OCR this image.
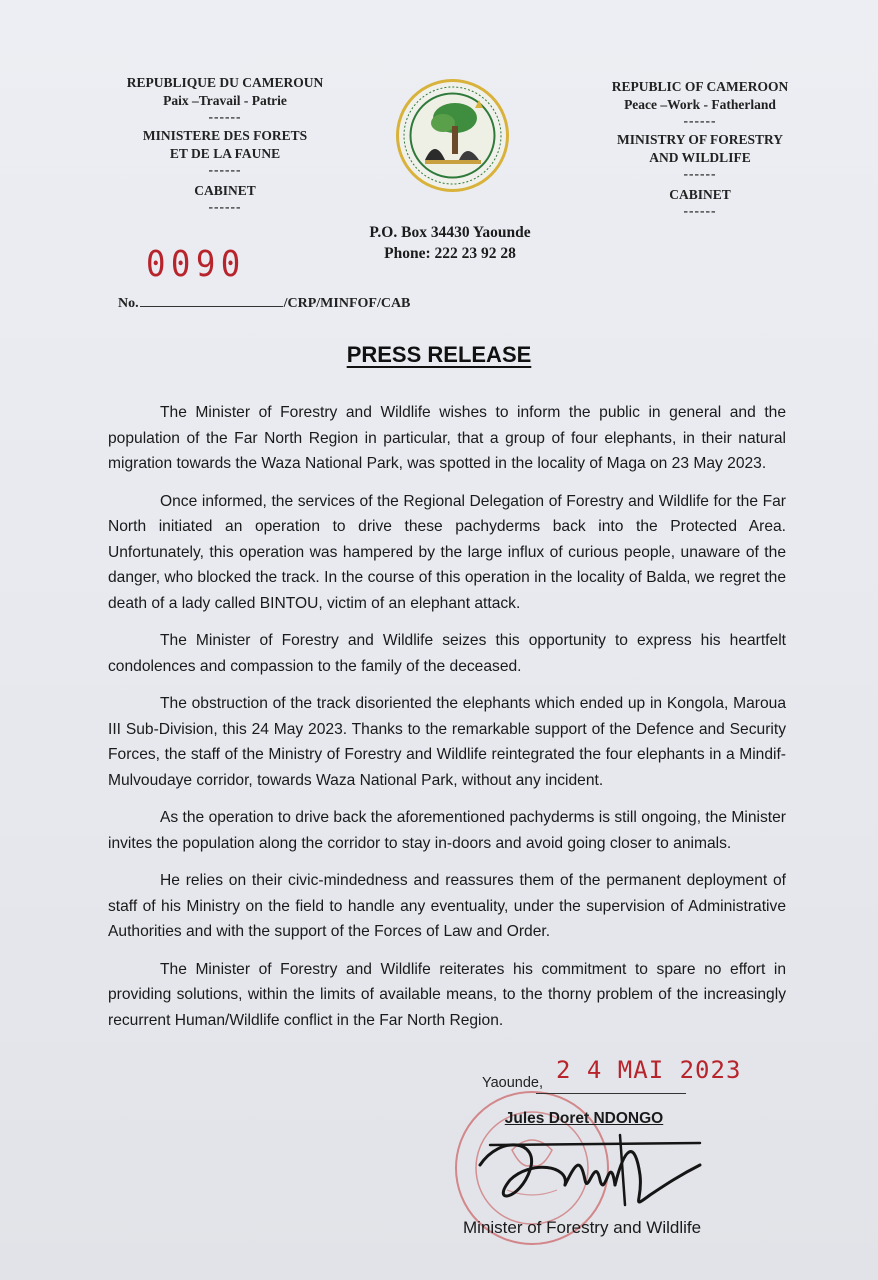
REPUBLIQUE DU CAMEROUN
Paix –Travail - Patrie
------
MINISTERE DES FORETS
ET DE LA FAUNE
------
CABINET
------
REPUBLIC OF CAMEROON
Peace –Work - Fatherland
------
MINISTRY OF FORESTRY
AND WILDLIFE
------
CABINET
------
P.O. Box 34430 Yaounde
Phone: 222 23 92 28
0090
No.	/CRP/MINFOF/CAB
PRESS RELEASE

The Minister of Forestry and Wildlife wishes to inform the public in general and the population of the Far North Region in particular, that a group of four elephants, in their natural migration towards the Waza National Park, was spotted in the locality of Maga on 23 May 2023.

Once informed, the services of the Regional Delegation of Forestry and Wildlife for the Far North initiated an operation to drive these pachyderms back into the Protected Area. Unfortunately, this operation was hampered by the large influx of curious people, unaware of the danger, who blocked the track. In the course of this operation in the locality of Balda, we regret the death of a lady called BINTOU, victim of an elephant attack.

The Minister of Forestry and Wildlife seizes this opportunity to express his heartfelt condolences and compassion to the family of the deceased.

The obstruction of the track disoriented the elephants which ended up in Kongola, Maroua III Sub-Division, this 24 May 2023. Thanks to the remarkable support of the Defence and Security Forces, the staff of the Ministry of Forestry and Wildlife reintegrated the four elephants in a Mindif-Mulvoudaye corridor, towards Waza National Park, without any incident.

As the operation to drive back the aforementioned pachyderms is still ongoing, the Minister invites the population along the corridor to stay in-doors and avoid going closer to animals.

He relies on their civic-mindedness and reassures them of the permanent deployment of staff of his Ministry on the field to handle any eventuality, under the supervision of Administrative Authorities and with the support of the Forces of Law and Order.

The Minister of Forestry and Wildlife reiterates his commitment to spare no effort in providing solutions, within the limits of available means, to the thorny problem of the increasingly recurrent Human/Wildlife conflict in the Far North Region.

Yaounde, 2 4 MAI 2023
Jules Doret NDONGO
Minister of Forestry and Wildlife
